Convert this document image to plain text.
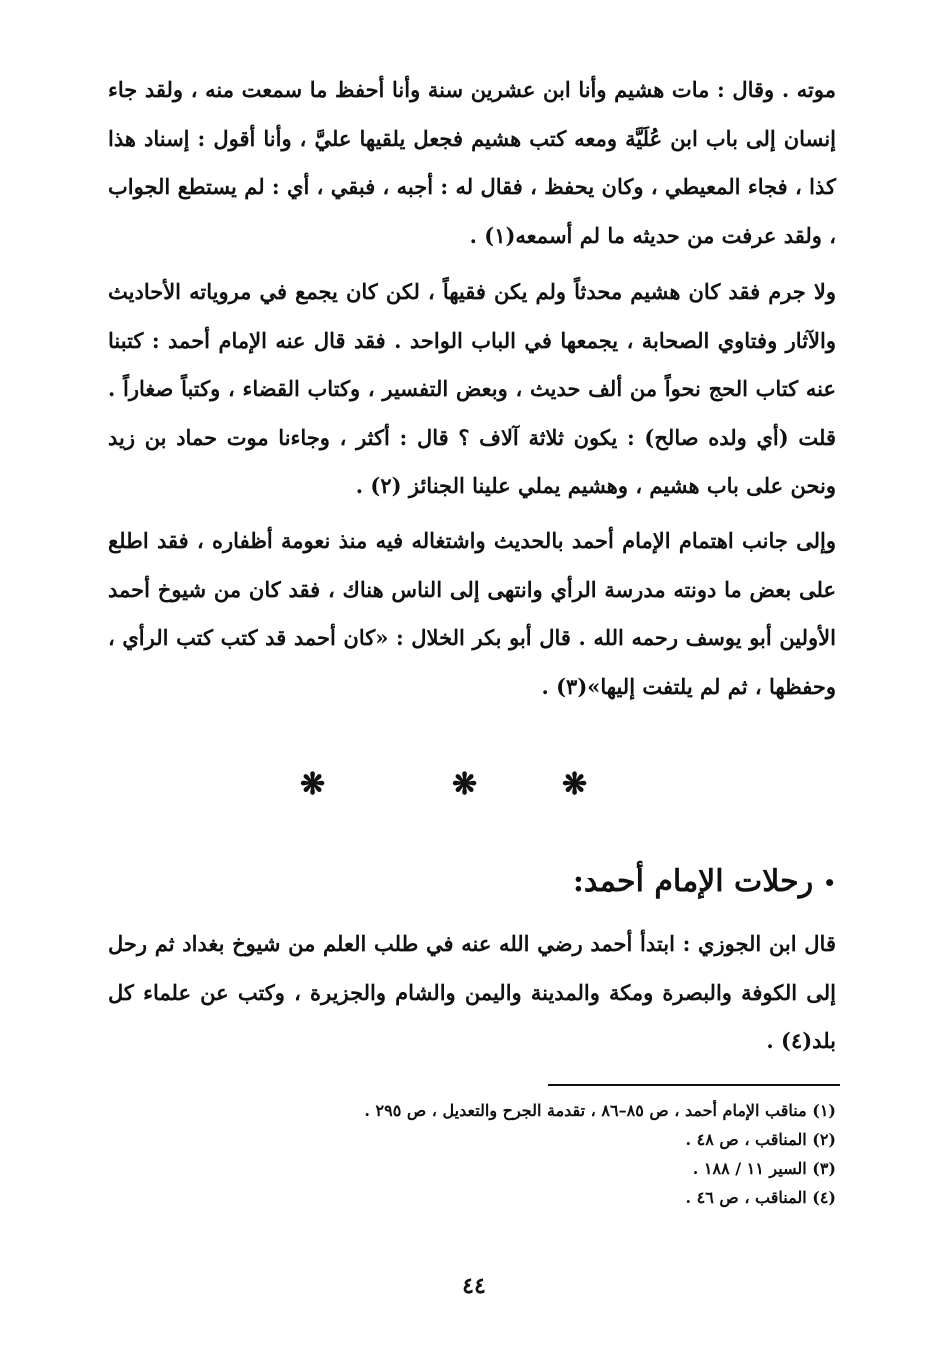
موته . وقال : مات هشيم وأنا ابن عشرين سنة وأنا أحفظ ما سمعت منه ، ولقد جاء إنسان إلى باب ابن عُلَيَّة ومعه كتب هشيم فجعل يلقيها عليَّ ، وأنا أقول : إسناد هذا كذا ، فجاء المعيطي ، وكان يحفظ ، فقال له : أجبه ، فبقي ، أي : لم يستطع الجواب ، ولقد عرفت من حديثه ما لم أسمعه(١) .

ولا جرم فقد كان هشيم محدثاً ولم يكن فقيهاً ، لكن كان يجمع في مروياته الأحاديث والآثار وفتاوي الصحابة ، يجمعها في الباب الواحد . فقد قال عنه الإمام أحمد : كتبنا عنه كتاب الحج نحواً من ألف حديث ، وبعض التفسير ، وكتاب القضاء ، وكتباً صغاراً . قلت (أي ولده صالح) : يكون ثلاثة آلاف ؟ قال : أكثر ، وجاءنا موت حماد بن زيد ونحن على باب هشيم ، وهشيم يملي علينا الجنائز (٢) .

وإلى جانب اهتمام الإمام أحمد بالحديث واشتغاله فيه منذ نعومة أظفاره ، فقد اطلع على بعض ما دونته مدرسة الرأي وانتهى إلى الناس هناك ، فقد كان من شيوخ أحمد الأولين أبو يوسف رحمه الله . قال أبو بكر الخلال : «كان أحمد قد كتب كتب الرأي ، وحفظها ، ثم لم يلتفت إليها»(٣) .

❋	❋	❋
•رحلات الإمام أحمد:

قال ابن الجوزي : ابتدأ أحمد رضي الله عنه في طلب العلم من شيوخ بغداد ثم رحل إلى الكوفة والبصرة ومكة والمدينة واليمن والشام والجزيرة ، وكتب عن علماء كل بلد(٤) .

(١) مناقب الإمام أحمد ، ص ٨٥–٨٦ ، تقدمة الجرح والتعديل ، ص ٢٩٥ .
(٢) المناقب ، ص ٤٨ .
(٣) السير ١١ / ١٨٨ .
(٤) المناقب ، ص ٤٦ .
٤٤
